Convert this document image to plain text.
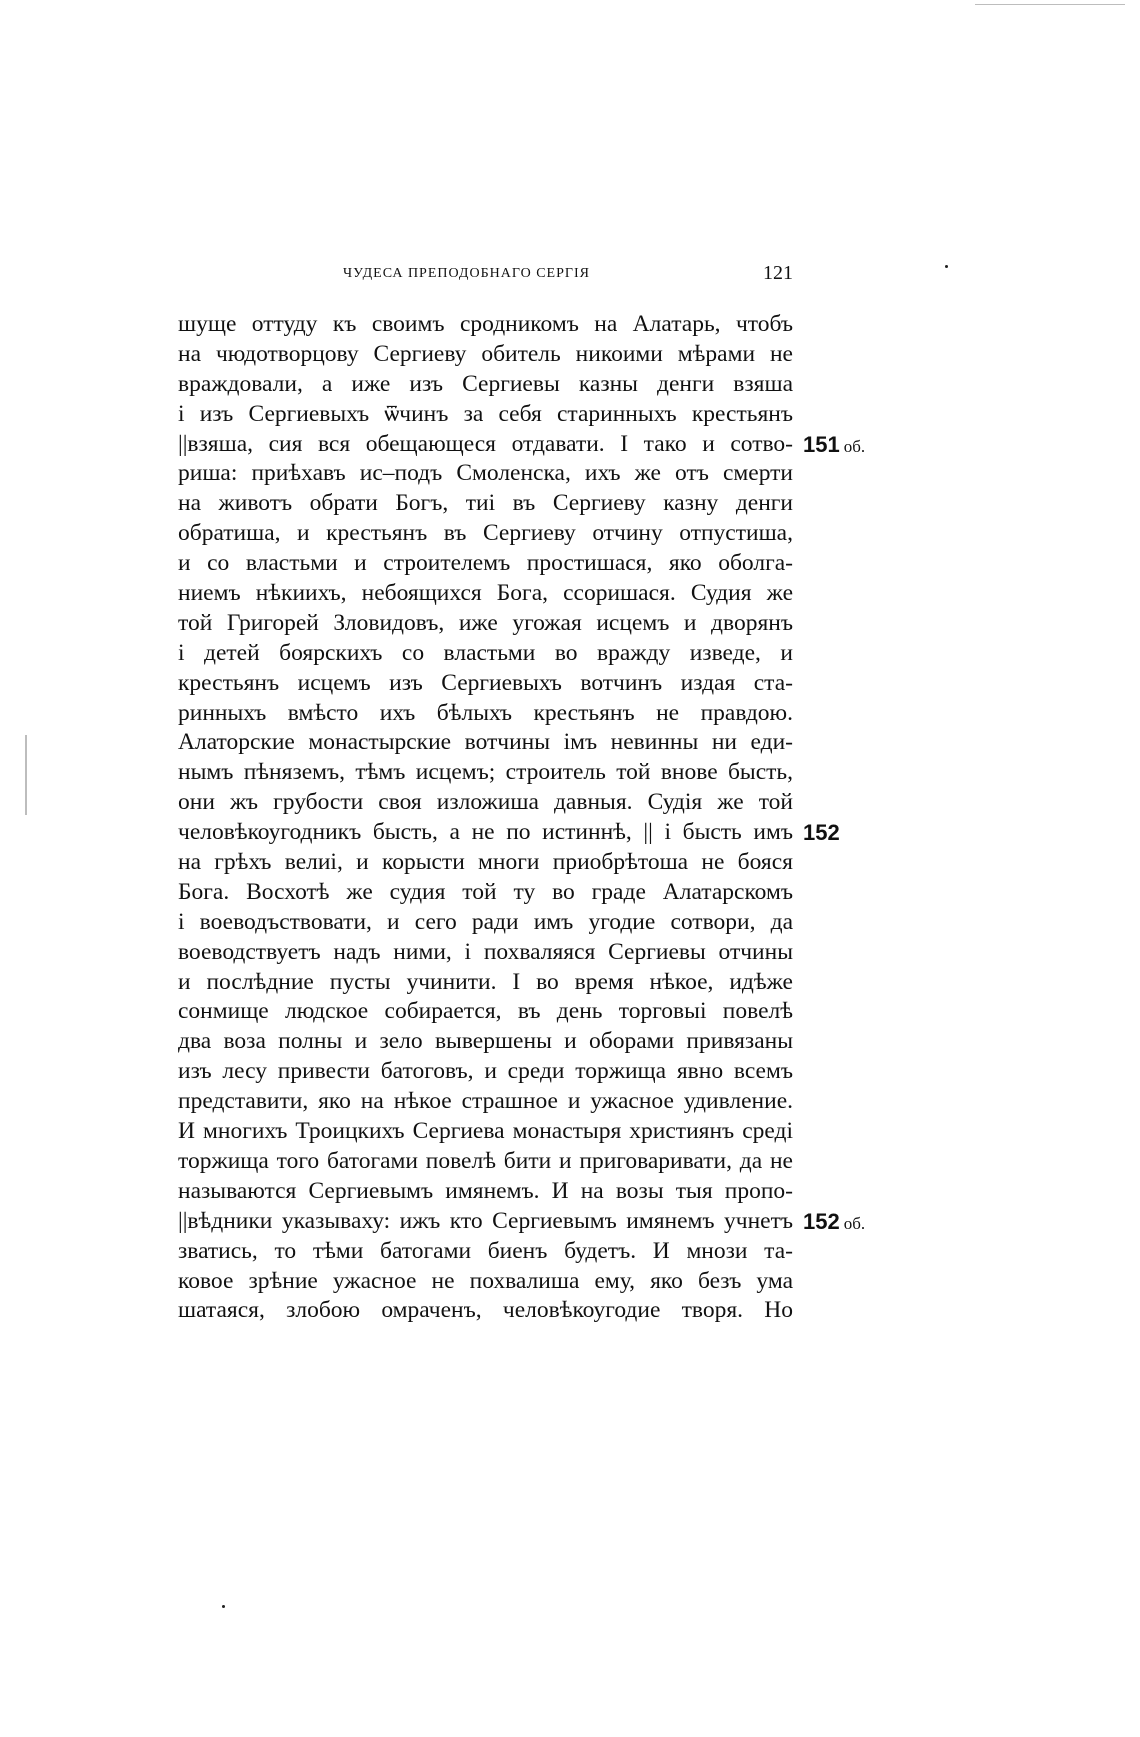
ЧУДЕСА ПРЕПОДОБНАГО СЕРГІЯ	121
шуще оттуду къ своимъ сродникомъ на Алатарь, чтобъ
на чюдотворцову Сергиеву обитель никоими мѣрами не
враждовали, а иже изъ Сергиевы казны денги взяша
і изъ Сергиевыхъ ѿчинъ за себя старинныхъ крестьянъ
||взяша, сия вся обещающеся отдавати. І тако и сотво- 151 об.
риша: приѣхавъ ис–подъ Смоленска, ихъ же отъ смерти
на животъ обрати Богъ, тиі въ Сергиеву казну денги
обратиша, и крестьянъ въ Сергиеву отчину отпустиша,
и со властьми и строителемъ простишася, яко оболга-
ниемъ нѣкиихъ, небоящихся Бога, ссоришася. Судия же
той Григорей Зловидовъ, иже угожая исцемъ и дворянъ
і детей боярскихъ со властьми во вражду изведе, и
крестьянъ исцемъ изъ Сергиевыхъ вотчинъ издая ста-
ринныхъ вмѣсто ихъ бѣлыхъ крестьянъ не правдою.
Алаторские монастырские вотчины імъ невинны ни еди-
нымъ пѣняземъ, тѣмъ исцемъ; строитель той внове бысть,
они жъ грубости своя изложиша давныя. Судія же той
человѣкоугодникъ бысть, а не по истиннѣ, || і бысть имъ 152
на грѣхъ велиі, и корысти многи приобрѣтоша не бояся
Бога. Восхотѣ же судия той ту во граде Алатарскомъ
і воеводъствовати, и сего ради имъ угодие сотвори, да
воеводствуетъ надъ ними, і похваляяся Сергиевы отчины
и послѣдние пусты учинити. І во время нѣкое, идѣже
сонмище людское собирается, въ день торговыі повелѣ
два воза полны и зело вывершены и оборами привязаны
изъ лесу привести батоговъ, и среди торжища явно всемъ
представити, яко на нѣкое страшное и ужасное удивление.
И многихъ Троицкихъ Сергиева монастыря християнъ среді
торжища того батогами повелѣ бити и приговаривати, да не
называются Сергиевымъ имянемъ. И на возы тыя пропо-
||вѣдники указываху: ижъ кто Сергиевымъ имянемъ учнетъ 152 об.
зватись, то тѣми батогами биенъ будетъ. И мнози та-
ковое зрѣние ужасное не похвалиша ему, яко безъ ума
шатаяся, злобою омраченъ, человѣкоугодие творя. Но
